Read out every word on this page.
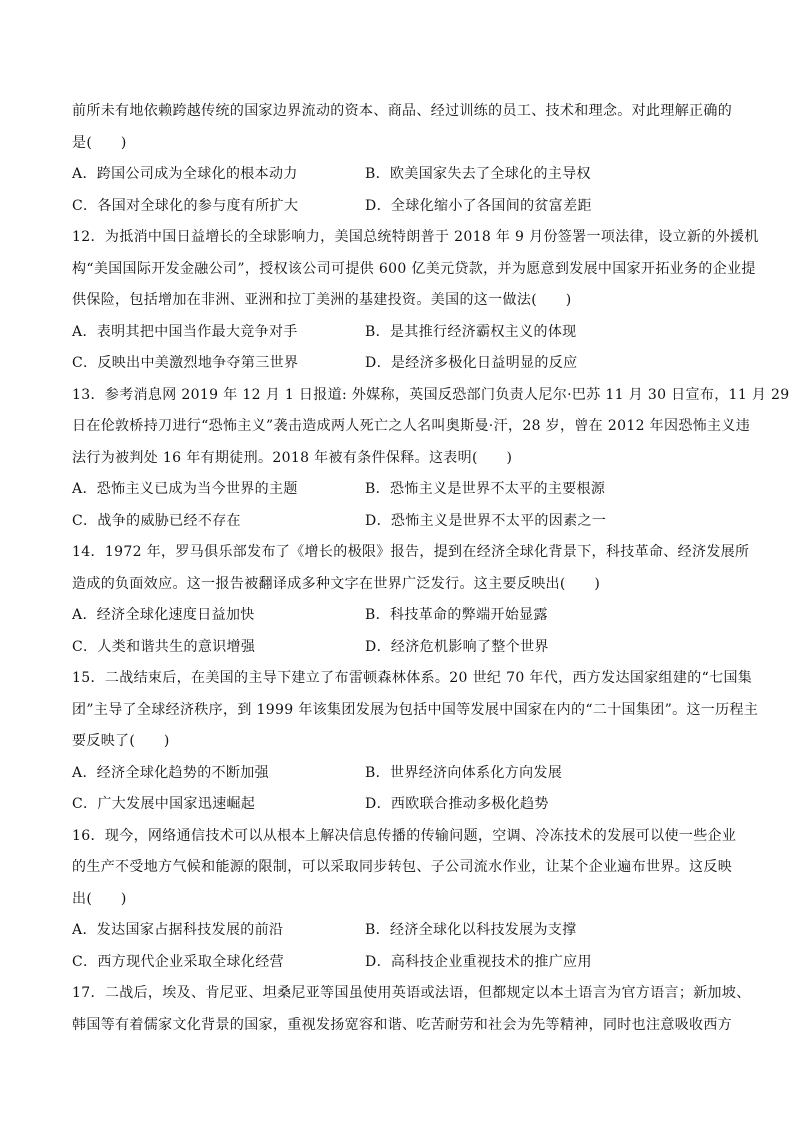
前所未有地依赖跨越传统的国家边界流动的资本、商品、经过训练的员工、技术和理念。对此理解正确的
是(　　)
A．跨国公司成为全球化的根本动力	B．欧美国家失去了全球化的主导权
C．各国对全球化的参与度有所扩大	D．全球化缩小了各国间的贫富差距
12．为抵消中国日益增长的全球影响力，美国总统特朗普于 2018 年 9 月份签署一项法律，设立新的外援机
构“美国国际开发金融公司”，授权该公司可提供 600 亿美元贷款，并为愿意到发展中国家开拓业务的企业提
供保险，包括增加在非洲、亚洲和拉丁美洲的基建投资。美国的这一做法(　　)
A．表明其把中国当作最大竞争对手	B．是其推行经济霸权主义的体现
C．反映出中美激烈地争夺第三世界	D．是经济多极化日益明显的反应
13．参考消息网 2019 年 12 月 1 日报道: 外媒称，英国反恐部门负责人尼尔·巴苏 11 月 30 日宣布，11 月 29
日在伦敦桥持刀进行“恐怖主义”袭击造成两人死亡之人名叫奥斯曼·汗，28 岁，曾在 2012 年因恐怖主义违
法行为被判处 16 年有期徒刑。2018 年被有条件保释。这表明(　　)
A．恐怖主义已成为当今世界的主题	B．恐怖主义是世界不太平的主要根源
C．战争的威胁已经不存在	D．恐怖主义是世界不太平的因素之一
14．1972 年，罗马俱乐部发布了《增长的极限》报告，提到在经济全球化背景下，科技革命、经济发展所
造成的负面效应。这一报告被翻译成多种文字在世界广泛发行。这主要反映出(　　)
A．经济全球化速度日益加快	B．科技革命的弊端开始显露
C．人类和谐共生的意识增强	D．经济危机影响了整个世界
15．二战结束后，在美国的主导下建立了布雷顿森林体系。20 世纪 70 年代，西方发达国家组建的“七国集
团”主导了全球经济秩序，到 1999 年该集团发展为包括中国等发展中国家在内的“二十国集团”。这一历程主
要反映了(　　)
A．经济全球化趋势的不断加强	B．世界经济向体系化方向发展
C．广大发展中国家迅速崛起	D．西欧联合推动多极化趋势
16．现今，网络通信技术可以从根本上解决信息传播的传输问题，空调、冷冻技术的发展可以使一些企业
的生产不受地方气候和能源的限制，可以采取同步转包、子公司流水作业，让某个企业遍布世界。这反映
出(　　)
A．发达国家占据科技发展的前沿	B．经济全球化以科技发展为支撑
C．西方现代企业采取全球化经营	D．高科技企业重视技术的推广应用
17．二战后，埃及、肯尼亚、坦桑尼亚等国虽使用英语或法语，但都规定以本土语言为官方语言；新加坡、
韩国等有着儒家文化背景的国家，重视发扬宽容和谐、吃苦耐劳和社会为先等精神，同时也注意吸收西方
